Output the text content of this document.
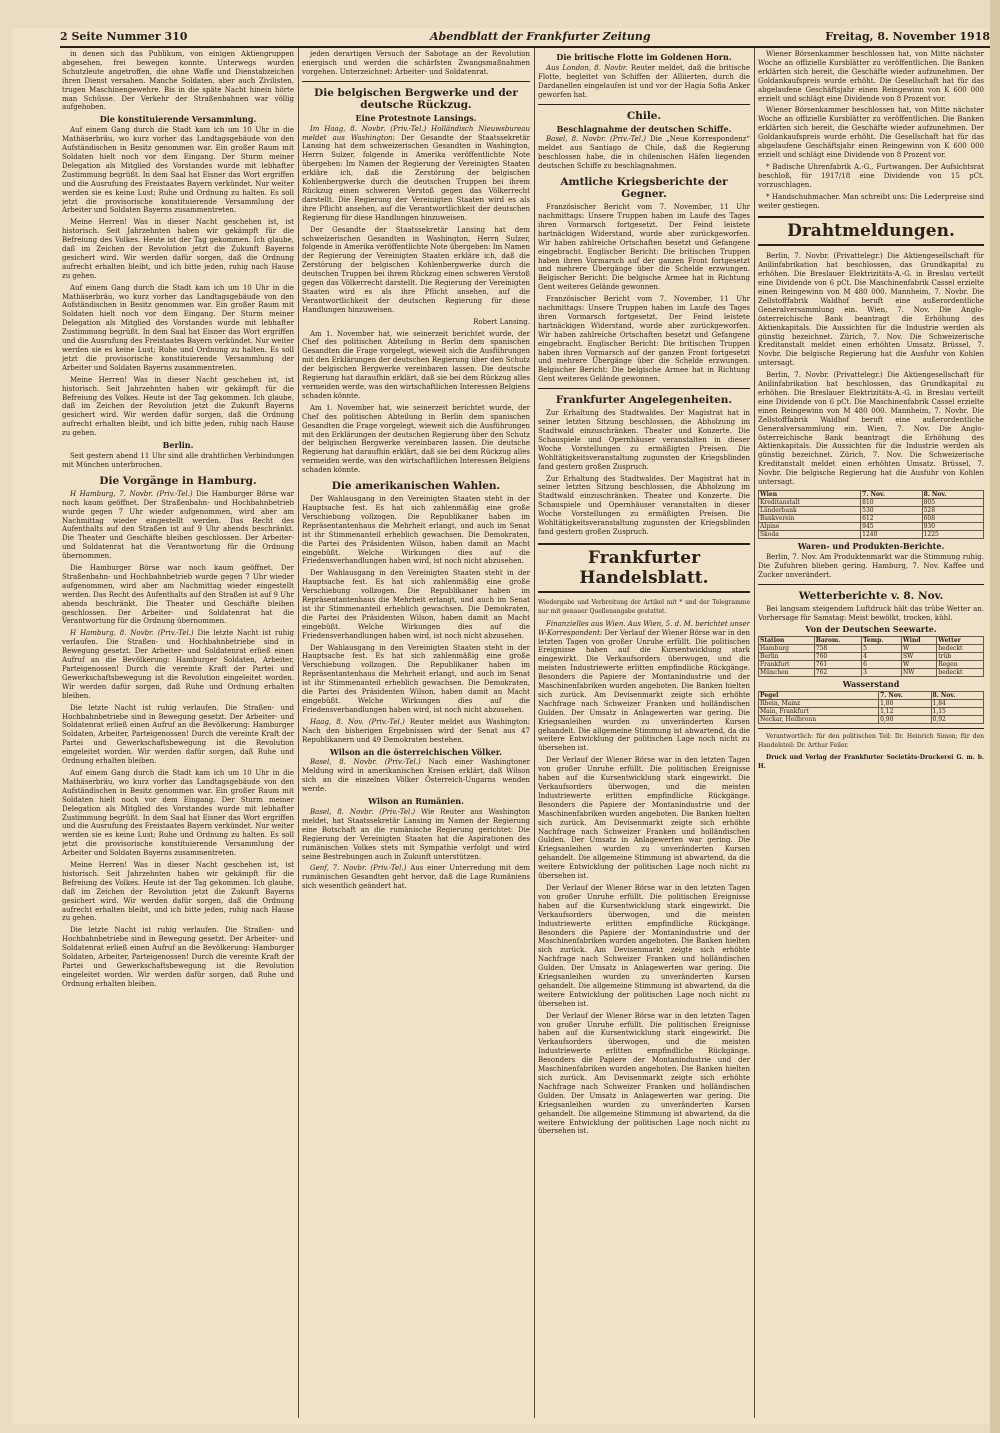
2 Seite Nummer 310	Abendblatt der Frankfurter Zeitung	Freitag, 8. November 1918

in denen sich das Publikum, von einigen Aktiengruppen abgesehen, frei bewegen konnte. Unterwegs wurden Schutzleute angetroffen, die ohne Waffe und Dienstabzeichen ihren Dienst versahen. Manche Soldaten, aber auch Zivilisten, trugen Maschinengewehre. Bis in die späte Nacht hinein hörte man Schüsse. Der Verkehr der Straßenbahnen war völlig aufgehoben.

Die konstituierende Versammlung.

Auf einem Gang durch die Stadt kam ich um 10 Uhr in die Mathäserbräu, wo kurz vorher das Landtagsgebäude von den Aufständischen in Besitz genommen war. Ein großer Raum mit Soldaten hielt noch vor dem Eingang. Der Sturm meiner Delegation als Mitglied des Vorstandes wurde mit lebhafter Zustimmung begrüßt. In dem Saal hat Eisner das Wort ergriffen und die Ausrufung des Freistaates Bayern verkündet. Nur weiter werden sie es keine Lust; Ruhe und Ordnung zu halten. Es soll jetzt die provisorische konstituierende Versammlung der Arbeiter und Soldaten Bayerns zusammentreten.

Meine Herren! Was in dieser Nacht geschehen ist, ist historisch. Seit Jahrzehnten haben wir gekämpft für die Befreiung des Volkes. Heute ist der Tag gekommen. Ich glaube, daß im Zeichen der Revolution jetzt die Zukunft Bayerns gesichert wird. Wir werden dafür sorgen, daß die Ordnung aufrecht erhalten bleibt, und ich bitte jeden, ruhig nach Hause zu gehen.

Auf einem Gang durch die Stadt kam ich um 10 Uhr in die Mathäserbräu, wo kurz vorher das Landtagsgebäude von den Aufständischen in Besitz genommen war. Ein großer Raum mit Soldaten hielt noch vor dem Eingang. Der Sturm meiner Delegation als Mitglied des Vorstandes wurde mit lebhafter Zustimmung begrüßt. In dem Saal hat Eisner das Wort ergriffen und die Ausrufung des Freistaates Bayern verkündet. Nur weiter werden sie es keine Lust; Ruhe und Ordnung zu halten. Es soll jetzt die provisorische konstituierende Versammlung der Arbeiter und Soldaten Bayerns zusammentreten.

Meine Herren! Was in dieser Nacht geschehen ist, ist historisch. Seit Jahrzehnten haben wir gekämpft für die Befreiung des Volkes. Heute ist der Tag gekommen. Ich glaube, daß im Zeichen der Revolution jetzt die Zukunft Bayerns gesichert wird. Wir werden dafür sorgen, daß die Ordnung aufrecht erhalten bleibt, und ich bitte jeden, ruhig nach Hause zu gehen.

Berlin.

Seit gestern abend 11 Uhr sind alle drahtlichen Verbindungen mit München unterbrochen.

Die Vorgänge in Hamburg.

H Hamburg, 7. Novbr. (Priv.-Tel.) Die Hamburger Börse war noch kaum geöffnet. Der Straßenbahn- und Hochbahnbetrieb wurde gegen 7 Uhr wieder aufgenommen, wird aber am Nachmittag wieder eingestellt werden. Das Recht des Aufenthalts auf den Straßen ist auf 9 Uhr abends beschränkt. Die Theater und Geschäfte bleiben geschlossen. Der Arbeiter- und Soldatenrat hat die Verantwortung für die Ordnung übernommen.

Die Hamburger Börse war noch kaum geöffnet. Der Straßenbahn- und Hochbahnbetrieb wurde gegen 7 Uhr wieder aufgenommen, wird aber am Nachmittag wieder eingestellt werden. Das Recht des Aufenthalts auf den Straßen ist auf 9 Uhr abends beschränkt. Die Theater und Geschäfte bleiben geschlossen. Der Arbeiter- und Soldatenrat hat die Verantwortung für die Ordnung übernommen.

H Hamburg, 8. Novbr. (Priv.-Tel.) Die letzte Nacht ist ruhig verlaufen. Die Straßen- und Hochbahnbetriebe sind in Bewegung gesetzt. Der Arbeiter- und Soldatenrat erließ einen Aufruf an die Bevölkerung: Hamburger Soldaten, Arbeiter, Parteigenossen! Durch die vereinte Kraft der Partei und Gewerkschaftsbewegung ist die Revolution eingeleitet worden. Wir werden dafür sorgen, daß Ruhe und Ordnung erhalten bleiben.

Die letzte Nacht ist ruhig verlaufen. Die Straßen- und Hochbahnbetriebe sind in Bewegung gesetzt. Der Arbeiter- und Soldatenrat erließ einen Aufruf an die Bevölkerung: Hamburger Soldaten, Arbeiter, Parteigenossen! Durch die vereinte Kraft der Partei und Gewerkschaftsbewegung ist die Revolution eingeleitet worden. Wir werden dafür sorgen, daß Ruhe und Ordnung erhalten bleiben.

Auf einem Gang durch die Stadt kam ich um 10 Uhr in die Mathäserbräu, wo kurz vorher das Landtagsgebäude von den Aufständischen in Besitz genommen war. Ein großer Raum mit Soldaten hielt noch vor dem Eingang. Der Sturm meiner Delegation als Mitglied des Vorstandes wurde mit lebhafter Zustimmung begrüßt. In dem Saal hat Eisner das Wort ergriffen und die Ausrufung des Freistaates Bayern verkündet. Nur weiter werden sie es keine Lust; Ruhe und Ordnung zu halten. Es soll jetzt die provisorische konstituierende Versammlung der Arbeiter und Soldaten Bayerns zusammentreten.

Meine Herren! Was in dieser Nacht geschehen ist, ist historisch. Seit Jahrzehnten haben wir gekämpft für die Befreiung des Volkes. Heute ist der Tag gekommen. Ich glaube, daß im Zeichen der Revolution jetzt die Zukunft Bayerns gesichert wird. Wir werden dafür sorgen, daß die Ordnung aufrecht erhalten bleibt, und ich bitte jeden, ruhig nach Hause zu gehen.

Die letzte Nacht ist ruhig verlaufen. Die Straßen- und Hochbahnbetriebe sind in Bewegung gesetzt. Der Arbeiter- und Soldatenrat erließ einen Aufruf an die Bevölkerung: Hamburger Soldaten, Arbeiter, Parteigenossen! Durch die vereinte Kraft der Partei und Gewerkschaftsbewegung ist die Revolution eingeleitet worden. Wir werden dafür sorgen, daß Ruhe und Ordnung erhalten bleiben.

jeden derartigen Versuch der Sabotage an der Revolution energisch und werden die schärfsten Zwangsmaßnahmen vorgehen. Unterzeichnet: Arbeiter- und Soldatenrat.

Die belgischen Bergwerke und der deutsche Rückzug.
Eine Protestnote Lansings.

Im Haag, 8. Novbr. (Priv.-Tel.) Holländisch Nieuwsbureau meldet aus Washington: Der Gesandte der Staatssekretär Lansing hat dem schweizerischen Gesandten in Washington, Herrn Sulzer, folgende in Amerika veröffentlichte Note übergeben: Im Namen der Regierung der Vereinigten Staaten erkläre ich, daß die Zerstörung der belgischen Kohlenbergwerke durch die deutschen Truppen bei ihrem Rückzug einen schweren Verstoß gegen das Völkerrecht darstellt. Die Regierung der Vereinigten Staaten wird es als ihre Pflicht ansehen, auf die Verantwortlichkeit der deutschen Regierung für diese Handlungen hinzuweisen.

Der Gesandte der Staatssekretär Lansing hat dem schweizerischen Gesandten in Washington, Herrn Sulzer, folgende in Amerika veröffentlichte Note übergeben: Im Namen der Regierung der Vereinigten Staaten erkläre ich, daß die Zerstörung der belgischen Kohlenbergwerke durch die deutschen Truppen bei ihrem Rückzug einen schweren Verstoß gegen das Völkerrecht darstellt. Die Regierung der Vereinigten Staaten wird es als ihre Pflicht ansehen, auf die Verantwortlichkeit der deutschen Regierung für diese Handlungen hinzuweisen.

Robert Lansing.

Am 1. November hat, wie seinerzeit berichtet wurde, der Chef des politischen Abteilung in Berlin dem spanischen Gesandten die Frage vorgelegt, wieweit sich die Ausführungen mit den Erklärungen der deutschen Regierung über den Schutz der belgischen Bergwerke vereinbaren lassen. Die deutsche Regierung hat daraufhin erklärt, daß sie bei dem Rückzug alles vermeiden werde, was den wirtschaftlichen Interessen Belgiens schaden könnte.

Am 1. November hat, wie seinerzeit berichtet wurde, der Chef des politischen Abteilung in Berlin dem spanischen Gesandten die Frage vorgelegt, wieweit sich die Ausführungen mit den Erklärungen der deutschen Regierung über den Schutz der belgischen Bergwerke vereinbaren lassen. Die deutsche Regierung hat daraufhin erklärt, daß sie bei dem Rückzug alles vermeiden werde, was den wirtschaftlichen Interessen Belgiens schaden könnte.

Die amerikanischen Wahlen.

Der Wahlausgang in den Vereinigten Staaten steht in der Hauptsache fest. Es hat sich zahlenmäßig eine große Verschiebung vollzogen. Die Republikaner haben im Repräsentantenhaus die Mehrheit erlangt, und auch im Senat ist ihr Stimmenanteil erheblich gewachsen. Die Demokraten, die Partei des Präsidenten Wilson, haben damit an Macht eingebüßt. Welche Wirkungen dies auf die Friedensverhandlungen haben wird, ist noch nicht abzusehen.

Der Wahlausgang in den Vereinigten Staaten steht in der Hauptsache fest. Es hat sich zahlenmäßig eine große Verschiebung vollzogen. Die Republikaner haben im Repräsentantenhaus die Mehrheit erlangt, und auch im Senat ist ihr Stimmenanteil erheblich gewachsen. Die Demokraten, die Partei des Präsidenten Wilson, haben damit an Macht eingebüßt. Welche Wirkungen dies auf die Friedensverhandlungen haben wird, ist noch nicht abzusehen.

Der Wahlausgang in den Vereinigten Staaten steht in der Hauptsache fest. Es hat sich zahlenmäßig eine große Verschiebung vollzogen. Die Republikaner haben im Repräsentantenhaus die Mehrheit erlangt, und auch im Senat ist ihr Stimmenanteil erheblich gewachsen. Die Demokraten, die Partei des Präsidenten Wilson, haben damit an Macht eingebüßt. Welche Wirkungen dies auf die Friedensverhandlungen haben wird, ist noch nicht abzusehen.

Haag, 8. Nov. (Priv.-Tel.) Reuter meldet aus Washington: Nach den bisherigen Ergebnissen wird der Senat aus 47 Republikanern und 49 Demokraten bestehen.

Wilson an die österreichischen Völker.

Basel, 8. Novbr. (Priv.-Tel.) Nach einer Washingtoner Meldung wird in amerikanischen Kreisen erklärt, daß Wilson sich an die einzelnen Völker Österreich-Ungarns wenden werde.

Wilson an Rumänien.

Basel, 8. Novbr. (Priv.-Tel.) Wie Reuter aus Washington meldet, hat Staatssekretär Lansing im Namen der Regierung eine Botschaft an die rumänische Regierung gerichtet: Die Regierung der Vereinigten Staaten hat die Aspirationen des rumänischen Volkes stets mit Sympathie verfolgt und wird seine Bestrebungen auch in Zukunft unterstützen.

Genf, 7. Novbr. (Priv.-Tel.) Aus einer Unterredung mit dem rumänischen Gesandten geht hervor, daß die Lage Rumäniens sich wesentlich geändert hat.

Die britische Flotte im Goldenen Horn.

Aus London, 8. Novbr. Reuter meldet, daß die britische Flotte, begleitet von Schiffen der Alliierten, durch die Dardanellen eingelaufen ist und vor der Hagia Sofia Anker geworfen hat.

Chile.
Beschlagnahme der deutschen Schiffe.

Basel, 8. Novbr. (Priv.-Tel.) Die „Neue Korrespondenz“ meldet aus Santiago de Chile, daß die Regierung beschlossen habe, die in chilenischen Häfen liegenden deutschen Schiffe zu beschlagnahmen.

Amtliche Kriegsberichte der Gegner.

Französischer Bericht vom 7. November, 11 Uhr nachmittags: Unsere Truppen haben im Laufe des Tages ihren Vormarsch fortgesetzt. Der Feind leistete hartnäckigen Widerstand, wurde aber zurückgeworfen. Wir haben zahlreiche Ortschaften besetzt und Gefangene eingebracht. Englischer Bericht: Die britischen Truppen haben ihren Vormarsch auf der ganzen Front fortgesetzt und mehrere Übergänge über die Schelde erzwungen. Belgischer Bericht: Die belgische Armee hat in Richtung Gent weiteres Gelände gewonnen.

Französischer Bericht vom 7. November, 11 Uhr nachmittags: Unsere Truppen haben im Laufe des Tages ihren Vormarsch fortgesetzt. Der Feind leistete hartnäckigen Widerstand, wurde aber zurückgeworfen. Wir haben zahlreiche Ortschaften besetzt und Gefangene eingebracht. Englischer Bericht: Die britischen Truppen haben ihren Vormarsch auf der ganzen Front fortgesetzt und mehrere Übergänge über die Schelde erzwungen. Belgischer Bericht: Die belgische Armee hat in Richtung Gent weiteres Gelände gewonnen.

Frankfurter Angelegenheiten.

Zur Erhaltung des Stadtwaldes. Der Magistrat hat in seiner letzten Sitzung beschlossen, die Abholzung im Stadtwald einzuschränken. Theater und Konzerte. Die Schauspiele und Opernhäuser veranstalten in dieser Woche Vorstellungen zu ermäßigten Preisen. Die Wohltätigkeitsveranstaltung zugunsten der Kriegsblinden fand gestern großen Zuspruch.

Zur Erhaltung des Stadtwaldes. Der Magistrat hat in seiner letzten Sitzung beschlossen, die Abholzung im Stadtwald einzuschränken. Theater und Konzerte. Die Schauspiele und Opernhäuser veranstalten in dieser Woche Vorstellungen zu ermäßigten Preisen. Die Wohltätigkeitsveranstaltung zugunsten der Kriegsblinden fand gestern großen Zuspruch.

Frankfurter Handelsblatt.

Wiedergabe und Verbreitung der Artikel mit * und der Telegramme nur mit genauer Quellenangabe gestattet.

Finanzielles aus Wien. Aus Wien, 5. d. M. berichtet unser W-Korrespondent: Der Verlauf der Wiener Börse war in den letzten Tagen von großer Unruhe erfüllt. Die politischen Ereignisse haben auf die Kursentwicklung stark eingewirkt. Die Verkaufsorders überwogen, und die meisten Industriewerte erlitten empfindliche Rückgänge. Besonders die Papiere der Montanindustrie und der Maschinenfabriken wurden angeboten. Die Banken hielten sich zurück. Am Devisenmarkt zeigte sich erhöhte Nachfrage nach Schweizer Franken und holländischen Gulden. Der Umsatz in Anlagewerten war gering. Die Kriegsanleihen wurden zu unveränderten Kursen gehandelt. Die allgemeine Stimmung ist abwartend, da die weitere Entwicklung der politischen Lage noch nicht zu übersehen ist.

Der Verlauf der Wiener Börse war in den letzten Tagen von großer Unruhe erfüllt. Die politischen Ereignisse haben auf die Kursentwicklung stark eingewirkt. Die Verkaufsorders überwogen, und die meisten Industriewerte erlitten empfindliche Rückgänge. Besonders die Papiere der Montanindustrie und der Maschinenfabriken wurden angeboten. Die Banken hielten sich zurück. Am Devisenmarkt zeigte sich erhöhte Nachfrage nach Schweizer Franken und holländischen Gulden. Der Umsatz in Anlagewerten war gering. Die Kriegsanleihen wurden zu unveränderten Kursen gehandelt. Die allgemeine Stimmung ist abwartend, da die weitere Entwicklung der politischen Lage noch nicht zu übersehen ist.

Der Verlauf der Wiener Börse war in den letzten Tagen von großer Unruhe erfüllt. Die politischen Ereignisse haben auf die Kursentwicklung stark eingewirkt. Die Verkaufsorders überwogen, und die meisten Industriewerte erlitten empfindliche Rückgänge. Besonders die Papiere der Montanindustrie und der Maschinenfabriken wurden angeboten. Die Banken hielten sich zurück. Am Devisenmarkt zeigte sich erhöhte Nachfrage nach Schweizer Franken und holländischen Gulden. Der Umsatz in Anlagewerten war gering. Die Kriegsanleihen wurden zu unveränderten Kursen gehandelt. Die allgemeine Stimmung ist abwartend, da die weitere Entwicklung der politischen Lage noch nicht zu übersehen ist.

Der Verlauf der Wiener Börse war in den letzten Tagen von großer Unruhe erfüllt. Die politischen Ereignisse haben auf die Kursentwicklung stark eingewirkt. Die Verkaufsorders überwogen, und die meisten Industriewerte erlitten empfindliche Rückgänge. Besonders die Papiere der Montanindustrie und der Maschinenfabriken wurden angeboten. Die Banken hielten sich zurück. Am Devisenmarkt zeigte sich erhöhte Nachfrage nach Schweizer Franken und holländischen Gulden. Der Umsatz in Anlagewerten war gering. Die Kriegsanleihen wurden zu unveränderten Kursen gehandelt. Die allgemeine Stimmung ist abwartend, da die weitere Entwicklung der politischen Lage noch nicht zu übersehen ist.

Wiener Börsenkammer beschlossen hat, von Mitte nächster Woche an offizielle Kursblätter zu veröffentlichen. Die Banken erklärten sich bereit, die Geschäfte wieder aufzunehmen. Der Goldankaufspreis wurde erhöht. Die Gesellschaft hat für das abgelaufene Geschäftsjahr einen Reingewinn von K 600 000 erzielt und schlägt eine Dividende von 8 Prozent vor.

Wiener Börsenkammer beschlossen hat, von Mitte nächster Woche an offizielle Kursblätter zu veröffentlichen. Die Banken erklärten sich bereit, die Geschäfte wieder aufzunehmen. Der Goldankaufspreis wurde erhöht. Die Gesellschaft hat für das abgelaufene Geschäftsjahr einen Reingewinn von K 600 000 erzielt und schlägt eine Dividende von 8 Prozent vor.

* Badische Uhrenfabrik A.-G., Furtwangen. Der Aufsichtsrat beschloß, für 1917/18 eine Dividende von 15 pCt. vorzuschlagen.

* Handschuhmacher. Man schreibt uns: Die Lederpreise sind weiter gestiegen.

Drahtmeldungen.

Berlin, 7. Novbr. (Privattelegr.) Die Aktiengesellschaft für Anilinfabrikation hat beschlossen, das Grundkapital zu erhöhen. Die Breslauer Elektrizitäts-A.-G. in Breslau verteilt eine Dividende von 6 pCt. Die Maschinenfabrik Cassel erzielte einen Reingewinn von M 480 000. Mannheim, 7. Novbr. Die Zellstofffabrik Waldhof beruft eine außerordentliche Generalversammlung ein. Wien, 7. Nov. Die Anglo-österreichische Bank beantragt die Erhöhung des Aktienkapitals. Die Aussichten für die Industrie werden als günstig bezeichnet. Zürich, 7. Nov. Die Schweizerische Kreditanstalt meldet einen erhöhten Umsatz. Brüssel, 7. Novbr. Die belgische Regierung hat die Ausfuhr von Kohlen untersagt.

Berlin, 7. Novbr. (Privattelegr.) Die Aktiengesellschaft für Anilinfabrikation hat beschlossen, das Grundkapital zu erhöhen. Die Breslauer Elektrizitäts-A.-G. in Breslau verteilt eine Dividende von 6 pCt. Die Maschinenfabrik Cassel erzielte einen Reingewinn von M 480 000. Mannheim, 7. Novbr. Die Zellstofffabrik Waldhof beruft eine außerordentliche Generalversammlung ein. Wien, 7. Nov. Die Anglo-österreichische Bank beantragt die Erhöhung des Aktienkapitals. Die Aussichten für die Industrie werden als günstig bezeichnet. Zürich, 7. Nov. Die Schweizerische Kreditanstalt meldet einen erhöhten Umsatz. Brüssel, 7. Novbr. Die belgische Regierung hat die Ausfuhr von Kohlen untersagt.

Wien	7. Nov.	8. Nov.
Kreditanstalt	810	805
Länderbank	530	528
Bankverein	612	608
Alpine	945	930
Skoda	1240	1225
Waren- und Produkten-Berichte.

Berlin, 7. Nov. Am Produktenmarkt war die Stimmung ruhig. Die Zufuhren blieben gering. Hamburg, 7. Nov. Kaffee und Zucker unverändert.

Wetterberichte v. 8. Nov.

Bei langsam steigendem Luftdruck hält das trübe Wetter an. Vorhersage für Samstag: Meist bewölkt, trocken, kühl.

Von der Deutschen Seewarte.
Station	Barom.	Temp.	Wind	Wetter
Hamburg	758	5	W	bedeckt
Berlin	760	4	SW	trüb
Frankfurt	761	6	W	Regen
München	762	3	NW	bedeckt
Wasserstand
Pegel	7. Nov.	8. Nov.
Rhein, Mainz	1,80	1,84
Main, Frankfurt	1,12	1,15
Neckar, Heilbronn	0,90	0,92

Verantwortlich: für den politischen Teil: Dr. Heinrich Simon; für den Handelsteil: Dr. Arthur Feiler.

Druck und Verlag der Frankfurter Societäts-Druckerei G. m. b. H.
